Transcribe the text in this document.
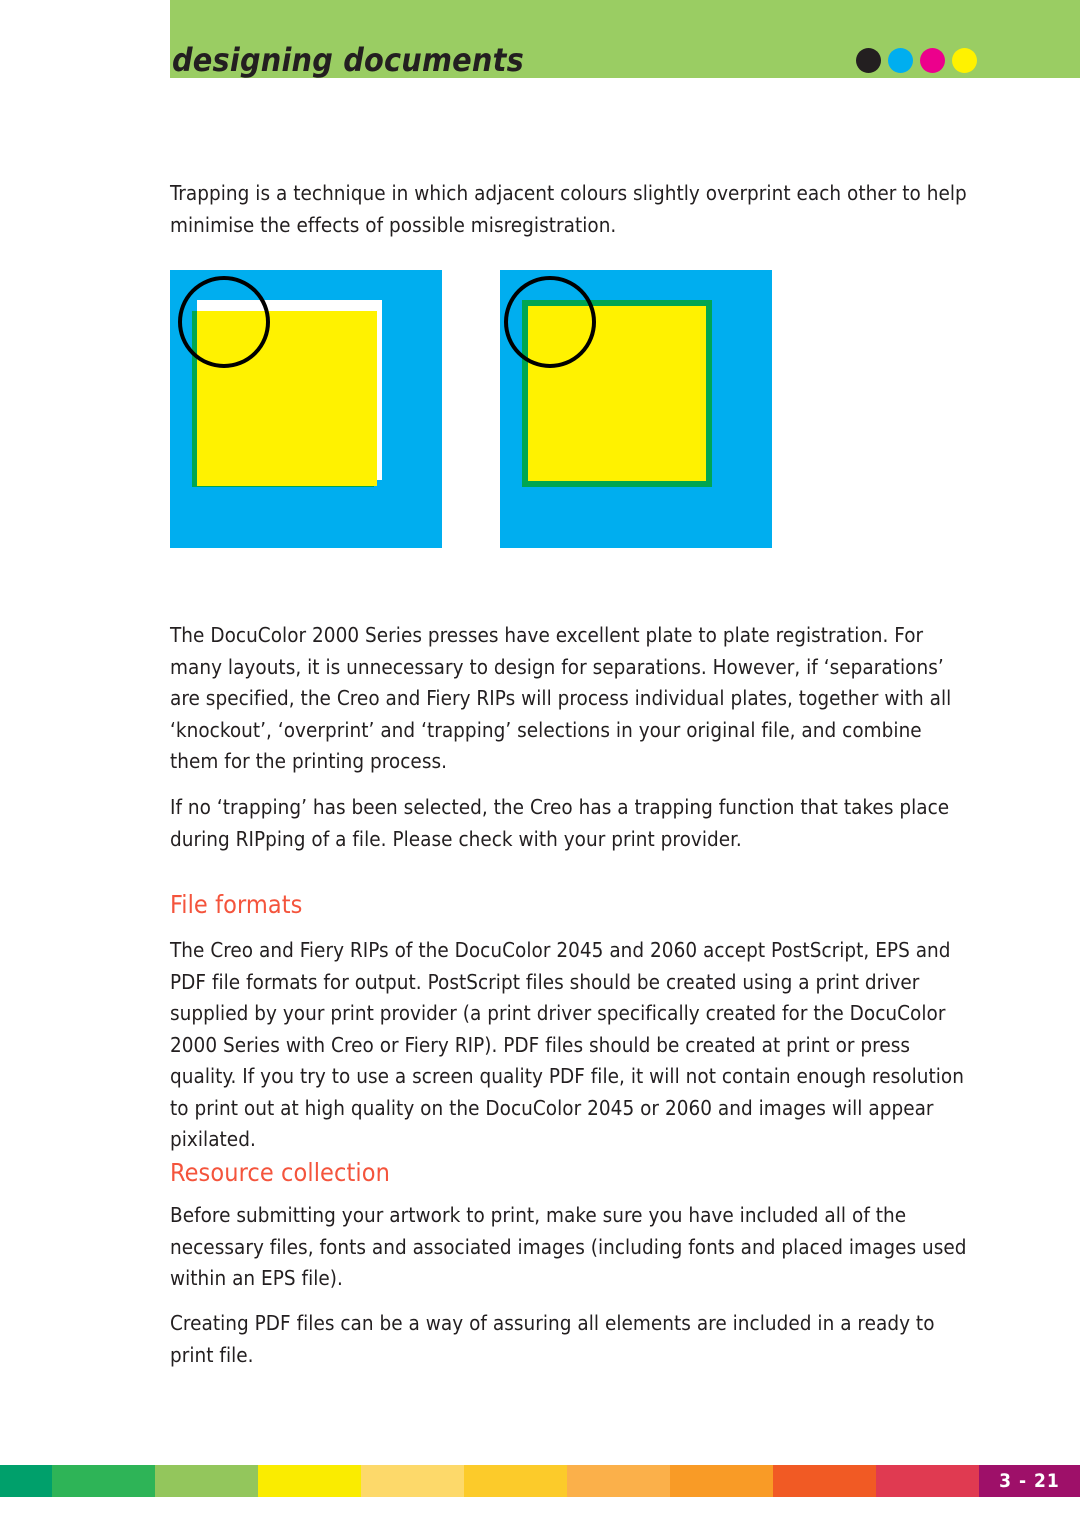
designing documents

Trapping is a technique in which adjacent colours slightly overprint each other to help minimise the effects of possible misregistration.

The DocuColor 2000 Series presses have excellent plate to plate registration. For many layouts, it is unnecessary to design for separations. However, if ‘separations’ are specified, the Creo and Fiery RIPs will process individual plates, together with all ‘knockout’, ‘overprint’ and ‘trapping’ selections in your original file, and combine them for the printing process.

If no ‘trapping’ has been selected, the Creo has a trapping function that takes place during RIPping of a file. Please check with your print provider.

File formats

The Creo and Fiery RIPs of the DocuColor 2045 and 2060 accept PostScript, EPS and PDF file formats for output. PostScript files should be created using a print driver supplied by your print provider (a print driver specifically created for the DocuColor 2000 Series with Creo or Fiery RIP). PDF files should be created at print or press quality. If you try to use a screen quality PDF file, it will not contain enough resolution to print out at high quality on the DocuColor 2045 or 2060 and images will appear pixilated.

Resource collection

Before submitting your artwork to print, make sure you have included all of the necessary files, fonts and associated images (including fonts and placed images used within an EPS file).

Creating PDF files can be a way of assuring all elements are included in a ready to print file.

3 - 21
